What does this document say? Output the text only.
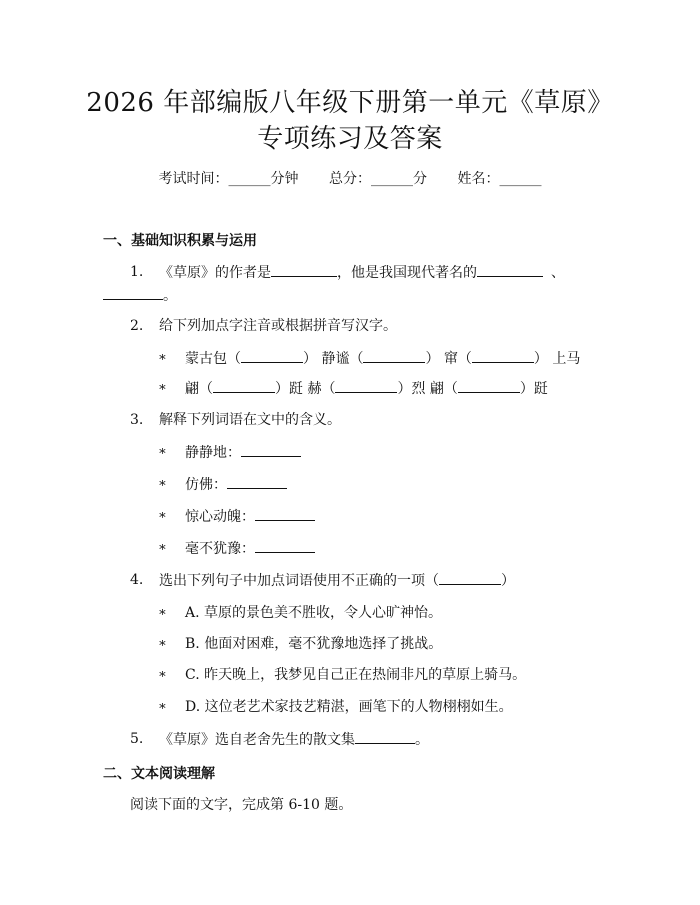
2026 年部编版八年级下册第一单元《草原》
专项练习及答案
考试时间：______分钟 总分：______分 姓名：______
一、基础知识积累与运用
1. 《草原》的作者是	，他是我国现代著名的	、
。
2. 给下列加点字注音或根据拼音写汉字。
∗ 蒙古包（	） 静谧（	） 窜（	） 上马
∗ 翩（	）跹 赫（	）烈 翩（	）跹
3. 解释下列词语在文中的含义。
∗ 静静地：
∗ 仿佛：
∗ 惊心动魄：
∗ 毫不犹豫：
4. 选出下列句子中加点词语使用不正确的一项（	）
∗ A. 草原的景色美不胜收，令人心旷神怡。
∗ B. 他面对困难，毫不犹豫地选择了挑战。
∗ C. 昨天晚上，我梦见自己正在热闹非凡的草原上骑马。
∗ D. 这位老艺术家技艺精湛，画笔下的人物栩栩如生。
5. 《草原》选自老舍先生的散文集	。
二、文本阅读理解
阅读下面的文字，完成第 6-10 题。
